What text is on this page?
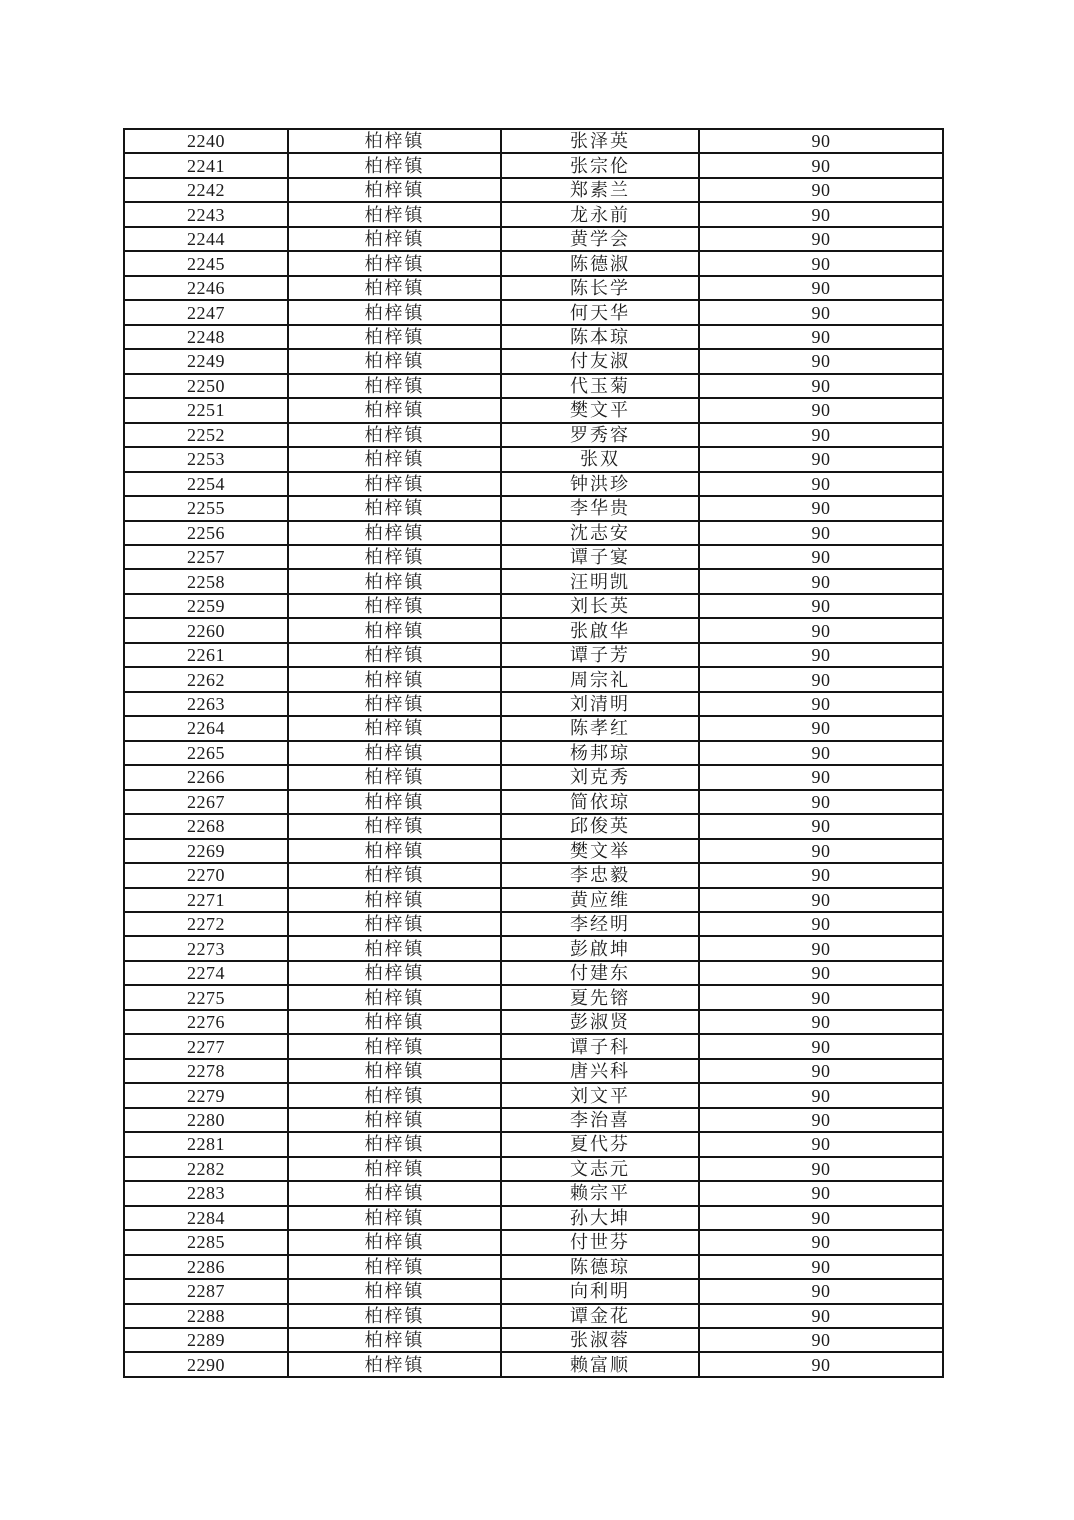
2240	柏梓镇	张泽英	90
2241	柏梓镇	张宗伦	90
2242	柏梓镇	郑素兰	90
2243	柏梓镇	龙永前	90
2244	柏梓镇	黄学会	90
2245	柏梓镇	陈德淑	90
2246	柏梓镇	陈长学	90
2247	柏梓镇	何天华	90
2248	柏梓镇	陈本琼	90
2249	柏梓镇	付友淑	90
2250	柏梓镇	代玉菊	90
2251	柏梓镇	樊文平	90
2252	柏梓镇	罗秀容	90
2253	柏梓镇	张双	90
2254	柏梓镇	钟洪珍	90
2255	柏梓镇	李华贵	90
2256	柏梓镇	沈志安	90
2257	柏梓镇	谭子宴	90
2258	柏梓镇	汪明凯	90
2259	柏梓镇	刘长英	90
2260	柏梓镇	张啟华	90
2261	柏梓镇	谭子芳	90
2262	柏梓镇	周宗礼	90
2263	柏梓镇	刘清明	90
2264	柏梓镇	陈孝红	90
2265	柏梓镇	杨邦琼	90
2266	柏梓镇	刘克秀	90
2267	柏梓镇	简依琼	90
2268	柏梓镇	邱俊英	90
2269	柏梓镇	樊文举	90
2270	柏梓镇	李忠毅	90
2271	柏梓镇	黄应维	90
2272	柏梓镇	李经明	90
2273	柏梓镇	彭啟坤	90
2274	柏梓镇	付建东	90
2275	柏梓镇	夏先镕	90
2276	柏梓镇	彭淑贤	90
2277	柏梓镇	谭子科	90
2278	柏梓镇	唐兴科	90
2279	柏梓镇	刘文平	90
2280	柏梓镇	李治喜	90
2281	柏梓镇	夏代芬	90
2282	柏梓镇	文志元	90
2283	柏梓镇	赖宗平	90
2284	柏梓镇	孙大坤	90
2285	柏梓镇	付世芬	90
2286	柏梓镇	陈德琼	90
2287	柏梓镇	向利明	90
2288	柏梓镇	谭金花	90
2289	柏梓镇	张淑蓉	90
2290	柏梓镇	赖富顺	90
